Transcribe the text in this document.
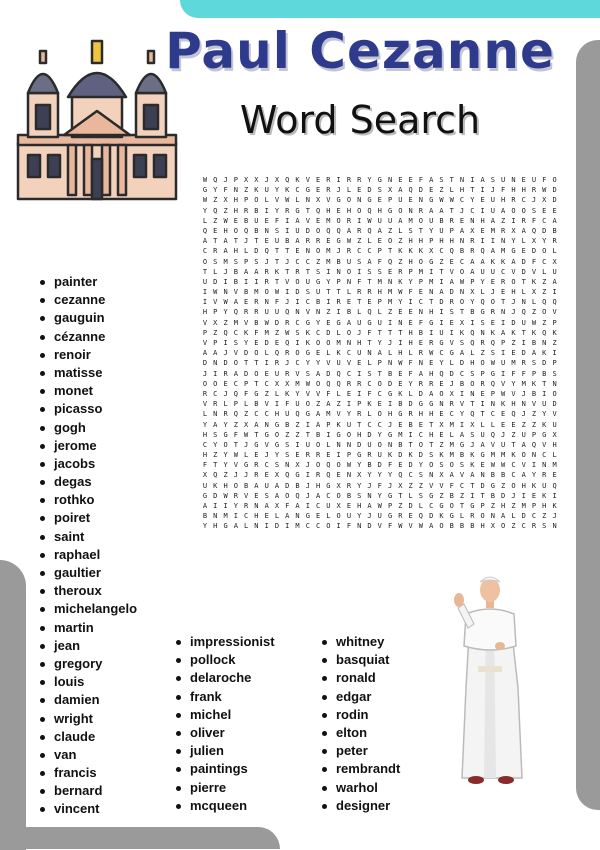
Paul Cezanne
Word Search
W Q J P X X J X Q K V E R I R R Y G N E E F A S T N I A S U N E U F O
G Y F N Z K U Y K C G E R J L E D S X A Q D E Z L H T I J F H H R W D
W Z X H P O L V W L N X V G O N G E P U E N G W W C Y E U H R C J X D
Y Q Z H R B I Y R G T Q H E H O Q H G O N R A A T J C I U A O O S E E
L Z W E B U E F I A V E M O R I W U U A M O U B R E N H A Z I R F C A
Q E H O Q B N S I U D O Q Q A R Q A Z L S T Y U P A X E M R X A Q D B
A T A T J T E U B A R R E G W Z L E O Z H H P H H N R I I N Y L X Y R
C R A H L D Q T T E N O M J R C C P T K K K X C Q B R Q A M G E D O L
O S M S P S J T J C C Z M B U S A F Q Z H O G Z E C A A K K A D F C X
T L J B A A R K T R T S I N O I S S E R P M I T V O A U U C V D V L U
U D I B I I R T V O U G Y P N F T M N K Y P M I A W P Y E R O T K Z A
I W N V B M O W I D S U T T L R R H M W F E N A D N X L J E H L X Z I
I V W A E R N F J I C B I R E T E P M Y I C T D R O Y Q O T J N L Q Q
H P Y Q R R U U Q N V N Z I B L Q L Z E E N H I S T B G R N J Q Z O V
V X Z M V B W D R C G Y E G A U G U I N E F G I E X I S E I D U W Z P
P Z Q C K F M Z W S K C D L O J F T T T H B I U I K Q N K A K T K Q K
V P I S Y E D E Q I K O O M N H T Y J I H E R G V S Q R Q P Z I B N Z
A A J V D O L Q R O G E L K C U N A L H L R W C G A L Z S I E D A K I
D N D O T T I R J C Y Y V U V E L P N W F N E Y L D H O W U M R S D P
J I R A D O E U R V S A D Q C I S T B E F A H Q D C S P G I F F P B S
O O E C P T C X X M W O Q Q R R C O D E Y R R E J B O R Q V Y M K T N
R C J Q F G Z L K Y V V F L E I F C G K L D A O X I N E P W V J B I O
V R L P L B V I F U O Z A Z I P K E I B D G G N R V T I N K H N V U D
L N R Q Z C C H U Q G A M V Y R L O H G R H H E C Y Q T C E Q J Z Y V
Y A Y Z X A N G B Z I A P K U T C C J E B E T X M I X L L E E Z Z K U
H S G F W T G O Z Z T B I G O H D Y G M I C H E L A S U Q J Z U P G X
C Y O T J G V G S I U O L N N D U O N B T O T Z M G J A V U T A Q V H
H Z Y W L E J Y S E R R E I P G R U K D K D S K M B K G M M K O N C L
F T Y V G R C S N X J O Q O W Y B D F E D Y O S O S K E W W C V I N M
X Q Z J J R E X Q G I R Q E N X Y Y Y Q C S N X A V A N B B C A Y R E
U K H O B A U A D B J H G X R Y J F J X Z Z V V F C T D G Z O H K U Q
G D W R V E S A O Q J A C O B S N Y G T L S G Z B Z I T B D J I E K I
A I I Y R N A X F A I C U X E H A W P Z D L C G O T G P Z H Z M P H K
B N M I C H E L A N G E L O U Y J U G R E Q D K G L R O N A L D C Z J
Y H G A L N I D I M C C O I F N D V F W V W A O B B B H X O Z C R S N
painter
cezanne
gauguin
cézanne
renoir
matisse
monet
picasso
gogh
jerome
jacobs
degas
rothko
poiret
saint
raphael
gaultier
theroux
michelangelo
martin
jean
gregory
louis
damien
wright
claude
van
francis
bernard
vincent
impressionist
pollock
delaroche
frank
michel
oliver
julien
paintings
pierre
mcqueen
whitney
basquiat
ronald
edgar
rodin
elton
peter
rembrandt
warhol
designer
